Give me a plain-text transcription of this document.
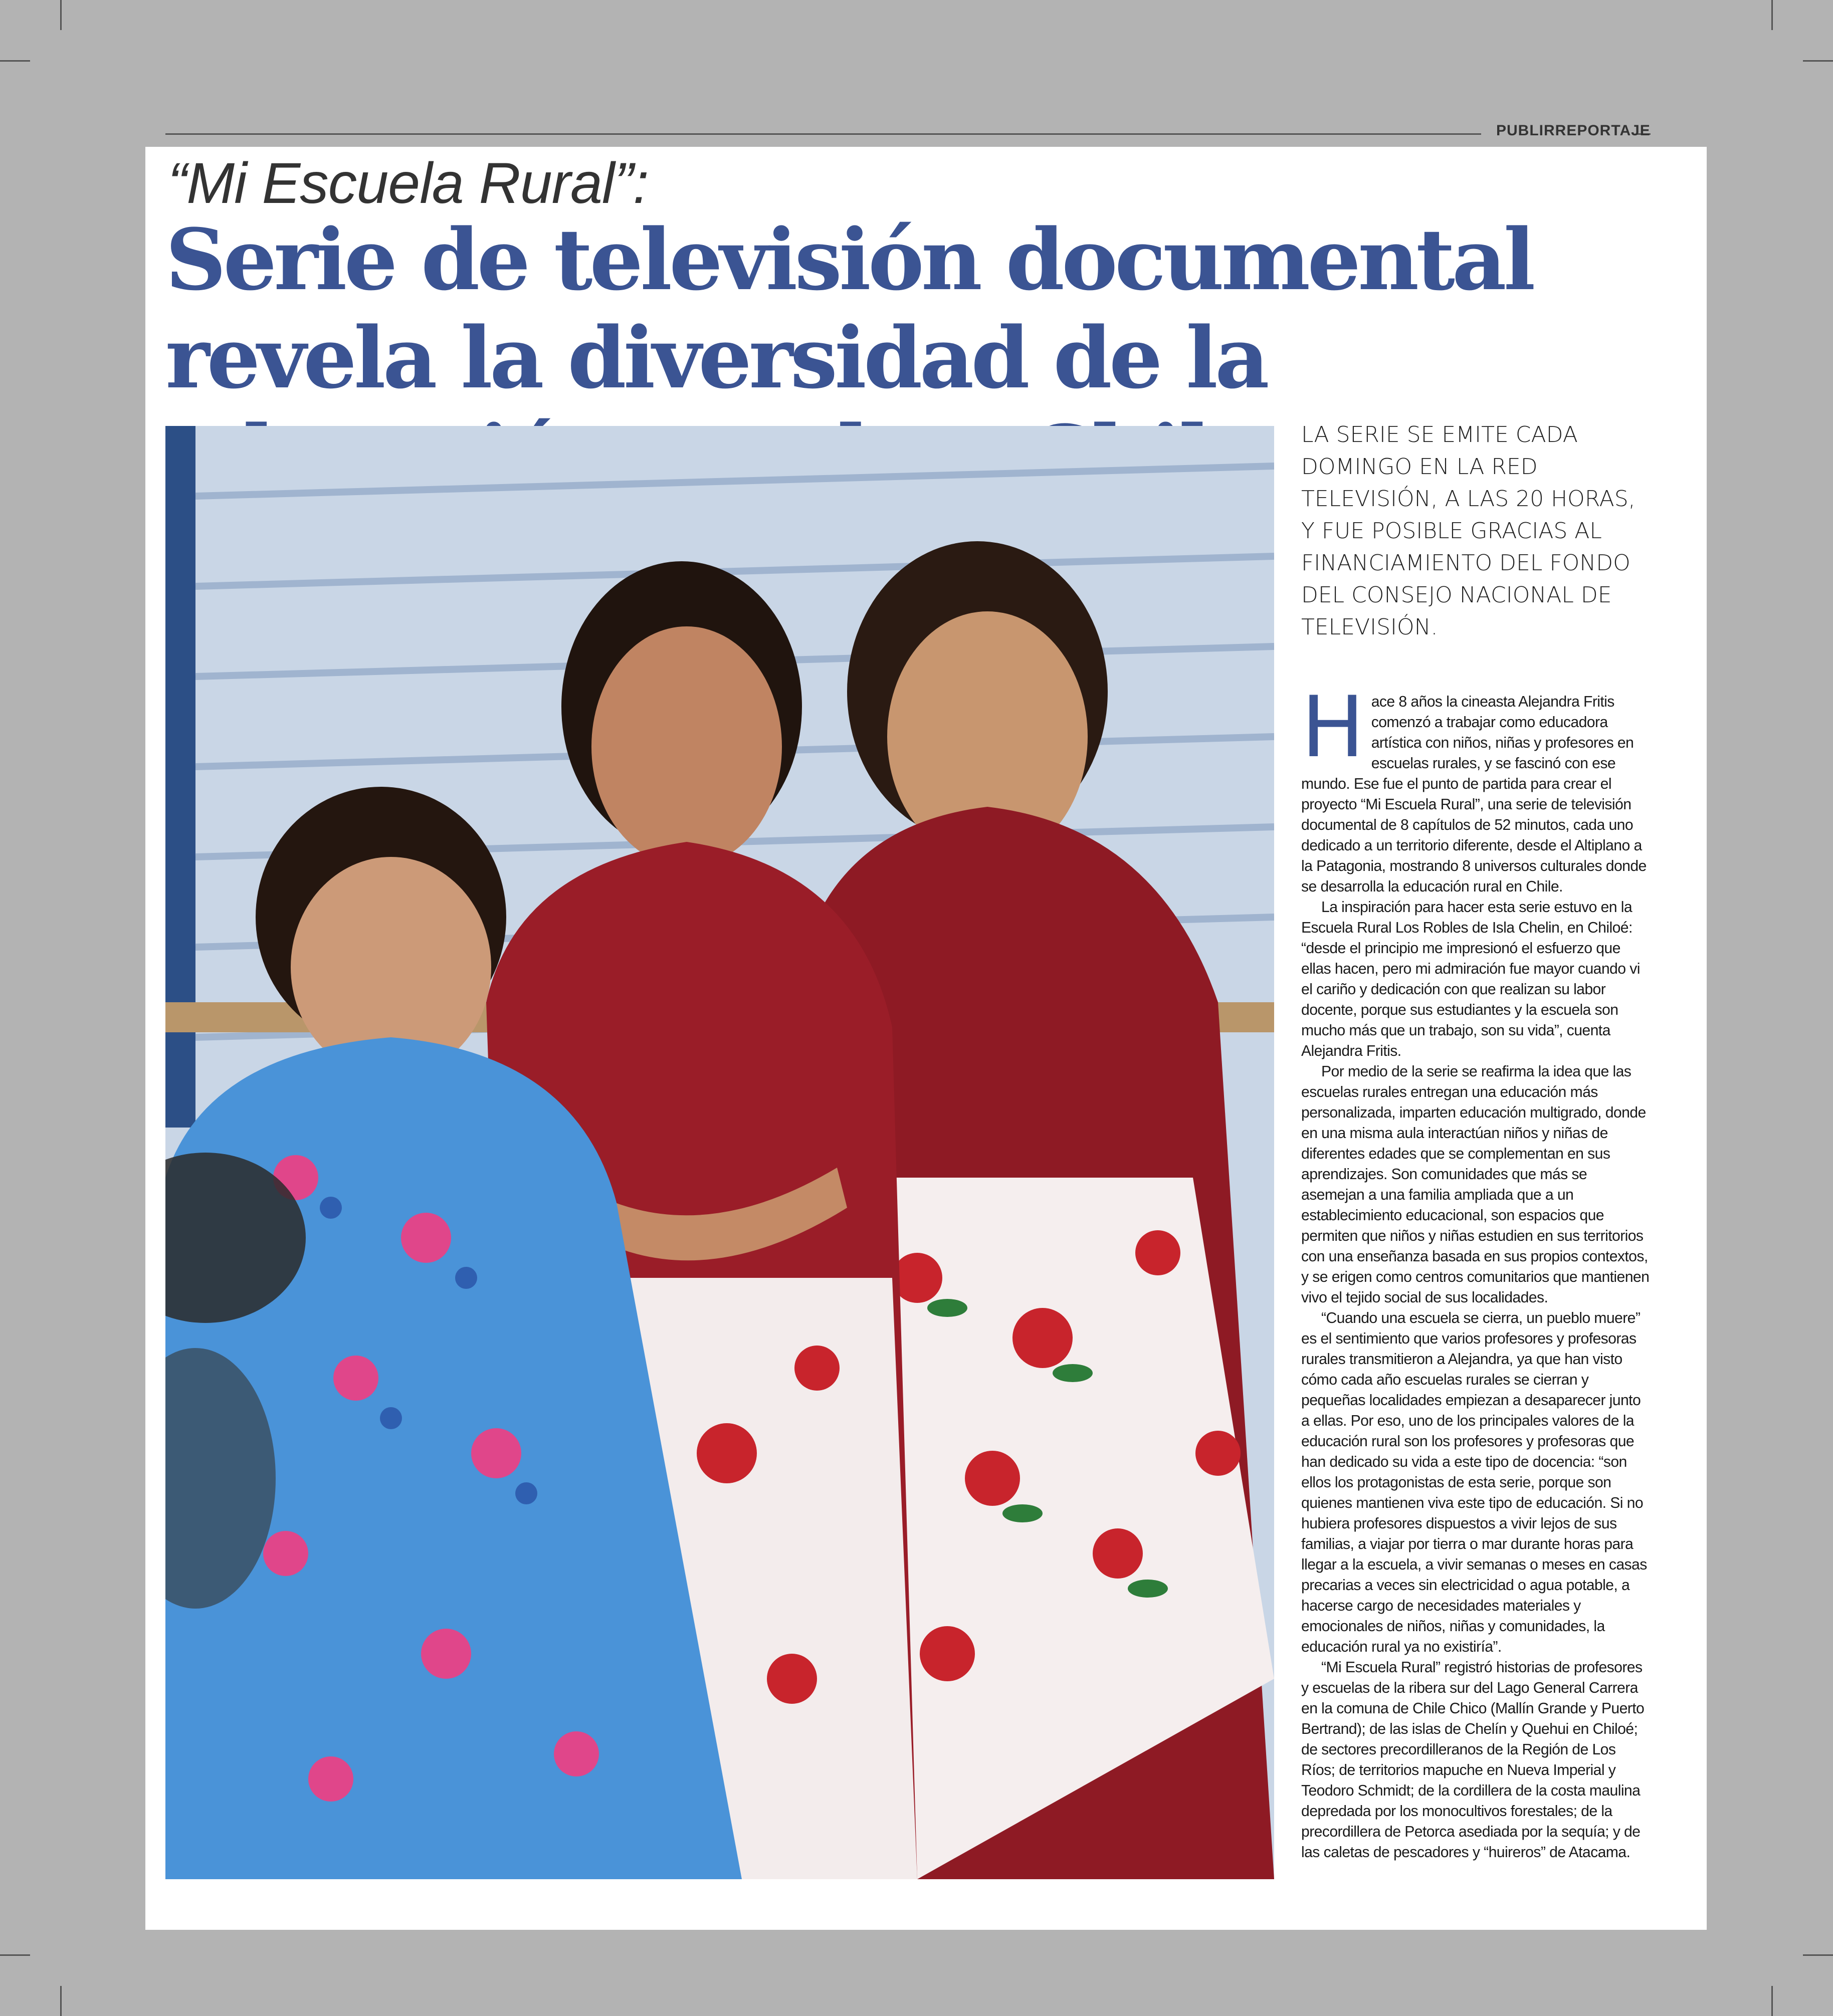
PUBLIRREPORTAJE
“Mi Escuela Rural”:
Serie de televisión documental revela la diversidad de la
LA SERIE SE EMITE CADA DOMINGO EN LA RED TELEVISIÓN, A LAS 20 HORAS, Y FUE POSIBLE GRACIAS AL FINANCIAMIENTO DEL FONDO DEL CONSEJO NACIONAL DE TELEVISIÓN.

Hace 8 años la cineasta Alejandra Fritis comenzó a trabajar como educadora artística con niños, niñas y profesores en escuelas rurales, y se fascinó con ese mundo. Ese fue el punto de partida para crear el proyecto “Mi Escuela Rural”, una serie de televisión documental de 8 capítulos de 52 minutos, cada uno dedicado a un territorio diferente, desde el Altiplano a la Patagonia, mostrando 8 universos culturales donde se desarrolla la educación rural en Chile.

La inspiración para hacer esta serie estuvo en la Escuela Rural Los Robles de Isla Chelin, en Chiloé: “desde el principio me impresionó el esfuerzo que ellas hacen, pero mi admiración fue mayor cuando vi el cariño y dedicación con que realizan su labor docente, porque sus estudiantes y la escuela son mucho más que un trabajo, son su vida”, cuenta Alejandra Fritis.

Por medio de la serie se reafirma la idea que las escuelas rurales entregan una educación más personalizada, imparten educación multigrado, donde en una misma aula interactúan niños y niñas de diferentes edades que se complementan en sus aprendizajes. Son comunidades que más se asemejan a una familia ampliada que a un establecimiento educacional, son espacios que permiten que niños y niñas estudien en sus territorios con una enseñanza basada en sus propios contextos, y se erigen como centros comunitarios que mantienen vivo el tejido social de sus localidades.

“Cuando una escuela se cierra, un pueblo muere” es el sentimiento que varios profesores y profesoras rurales transmitieron a Alejandra, ya que han visto cómo cada año escuelas rurales se cierran y pequeñas localidades empiezan a desaparecer junto a ellas. Por eso, uno de los principales valores de la educación rural son los profesores y profesoras que han dedicado su vida a este tipo de docencia: “son ellos los protagonistas de esta serie, porque son quienes mantienen viva este tipo de educación. Si no hubiera profesores dispuestos a vivir lejos de sus familias, a viajar por tierra o mar durante horas para llegar a la escuela, a vivir semanas o meses en casas precarias a veces sin electricidad o agua potable, a hacerse cargo de necesidades materiales y emocionales de niños, niñas y comunidades, la educación rural ya no existiría”.

“Mi Escuela Rural” registró historias de profesores y escuelas de la ribera sur del Lago General Carrera en la comuna de Chile Chico (Mallín Grande y Puerto Bertrand); de las islas de Chelín y Quehui en Chiloé; de sectores precordilleranos de la Región de Los Ríos; de territorios mapuche en Nueva Imperial y Teodoro Schmidt; de la cordillera de la costa maulina depredada por los monocultivos forestales; de la precordillera de Petorca asediada por la sequía; y de las caletas de pescadores y “huireros” de Atacama.
